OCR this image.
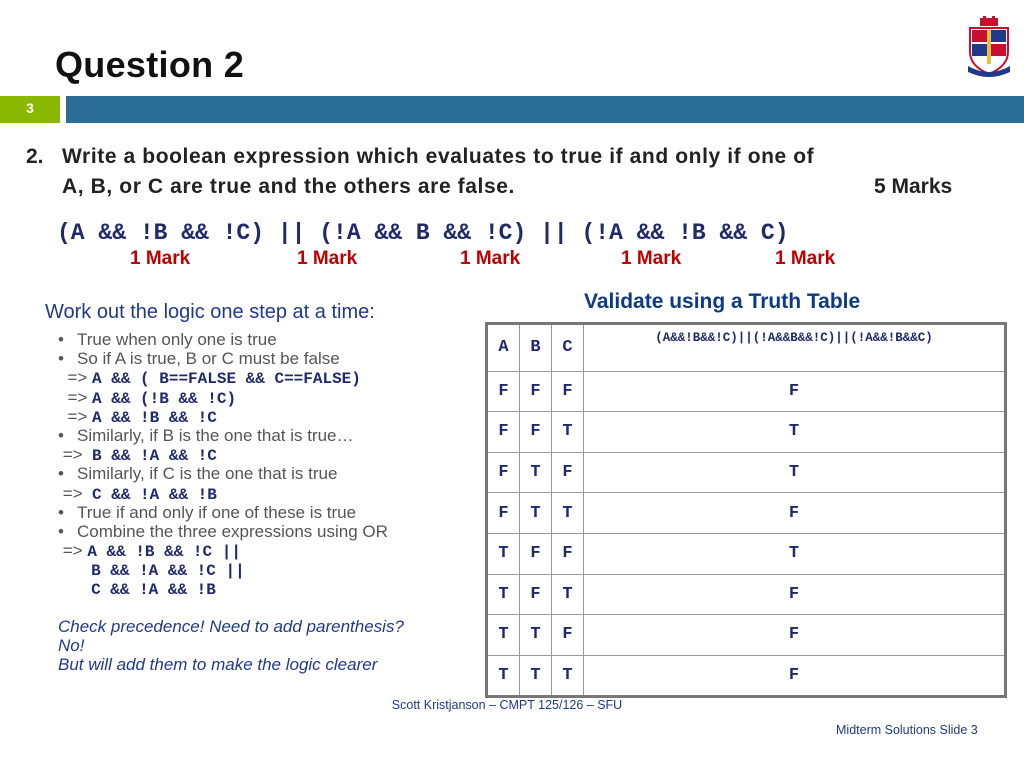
Question 2
3
2. Write a boolean expression which evaluates to true if and only if one of
A, B, or C are true and the others are false.	5 Marks
(A && !B && !C) || (!A && B && !C) || (!A && !B && C)
1 Mark	1 Mark	1 Mark	1 Mark	1 Mark
Work out the logic one step at a time:
• True when only one is true
• So if A is true, B or C must be false
=> A && ( B==FALSE && C==FALSE)
=> A && (!B && !C)
=> A && !B && !C
• Similarly, if B is the one that is true…
=>  B && !A && !C
• Similarly, if C is the one that is true
=>  C && !A && !B
• True if and only if one of these is true
• Combine the three expressions using OR
=> A && !B && !C ||
B && !A && !C ||
C && !A && !B
Check precedence! Need to add parenthesis?
No!
But will add them to make the logic clearer
Validate using a Truth Table
A	B	C	(A&&!B&&!C)||(!A&&B&&!C)||(!A&&!B&&C)
F	F	F	F
F	F	T	T
F	T	F	T
F	T	T	F
T	F	F	T
T	F	T	F
T	T	F	F
T	T	T	F
Scott Kristjanson – CMPT 125/126 – SFU
Midterm Solutions Slide 3
